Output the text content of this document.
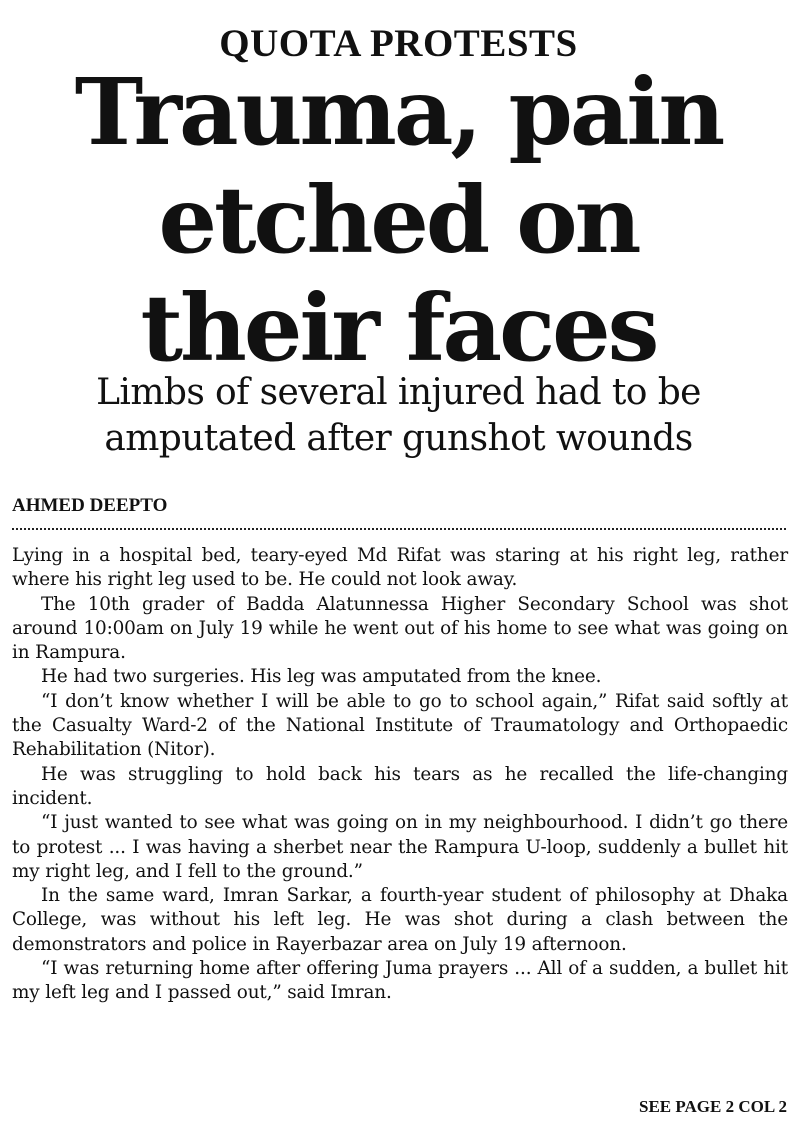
QUOTA PROTESTS
Trauma, pain
etched on
their faces
Limbs of several injured had to be
amputated after gunshot wounds
AHMED DEEPTO

Lying in a hospital bed, teary-eyed Md Rifat was staring at his right leg, rather where his right leg used to be. He could not look away.

The 10th grader of Badda Alatunnessa Higher Secondary School was shot around 10:00am on July 19 while he went out of his home to see what was going on in Rampura.

He had two surgeries. His leg was amputated from the knee.

“I don’t know whether I will be able to go to school again,” Rifat said softly at the Casualty Ward-2 of the National Institute of Traumatology and Orthopaedic Rehabilitation (Nitor).

He was struggling to hold back his tears as he recalled the life-changing incident.

“I just wanted to see what was going on in my neighbourhood. I didn’t go there to protest ... I was having a sherbet near the Rampura U-loop, suddenly a bullet hit my right leg, and I fell to the ground.”

In the same ward, Imran Sarkar, a fourth-year student of philosophy at Dhaka College, was without his left leg. He was shot during a clash between the demonstrators and police in Rayerbazar area on July 19 afternoon.

“I was returning home after offering Juma prayers ... All of a sudden, a bullet hit my left leg and I passed out,” said Imran.

SEE PAGE 2 COL 2
